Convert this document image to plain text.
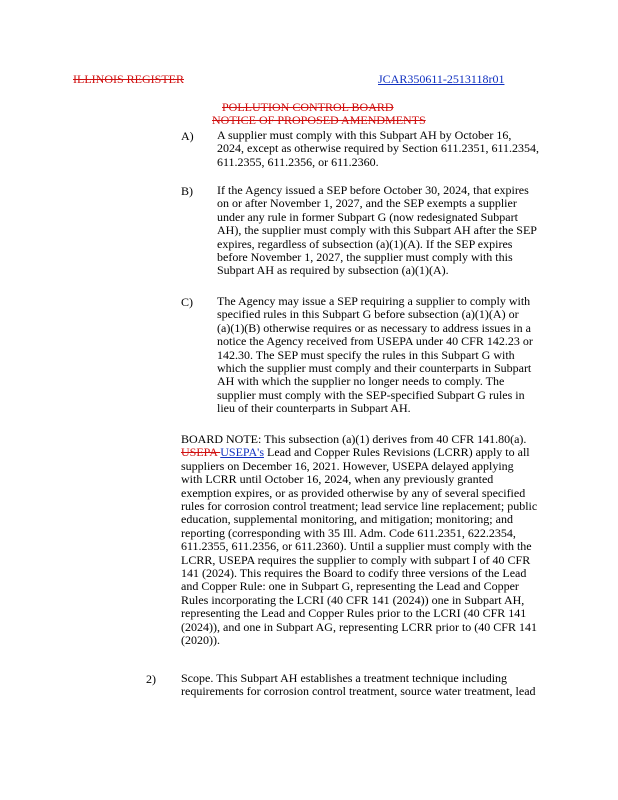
ILLINOIS REGISTER	JCAR350611-2513118r01
POLLUTION CONTROL BOARD
NOTICE OF PROPOSED AMENDMENTS
A) A supplier must comply with this Subpart AH by October 16,
2024, except as otherwise required by Section 611.2351, 611.2354,
611.2355, 611.2356, or 611.2360.
B) If the Agency issued a SEP before October 30, 2024, that expires
on or after November 1, 2027, and the SEP exempts a supplier
under any rule in former Subpart G (now redesignated Subpart
AH), the supplier must comply with this Subpart AH after the SEP
expires, regardless of subsection (a)(1)(A). If the SEP expires
before November 1, 2027, the supplier must comply with this
Subpart AH as required by subsection (a)(1)(A).
C) The Agency may issue a SEP requiring a supplier to comply with
specified rules in this Subpart G before subsection (a)(1)(A) or
(a)(1)(B) otherwise requires or as necessary to address issues in a
notice the Agency received from USEPA under 40 CFR 142.23 or
142.30. The SEP must specify the rules in this Subpart G with
which the supplier must comply and their counterparts in Subpart
AH with which the supplier no longer needs to comply. The
supplier must comply with the SEP-specified Subpart G rules in
lieu of their counterparts in Subpart AH.
BOARD NOTE: This subsection (a)(1) derives from 40 CFR 141.80(a).
USEPA USEPA's Lead and Copper Rules Revisions (LCRR) apply to all
suppliers on December 16, 2021. However, USEPA delayed applying
with LCRR until October 16, 2024, when any previously granted
exemption expires, or as provided otherwise by any of several specified
rules for corrosion control treatment; lead service line replacement; public
education, supplemental monitoring, and mitigation; monitoring; and
reporting (corresponding with 35 Ill. Adm. Code 611.2351, 622.2354,
611.2355, 611.2356, or 611.2360). Until a supplier must comply with the
LCRR, USEPA requires the supplier to comply with subpart I of 40 CFR
141 (2024). This requires the Board to codify three versions of the Lead
and Copper Rule: one in Subpart G, representing the Lead and Copper
Rules incorporating the LCRI (40 CFR 141 (2024)) one in Subpart AH,
representing the Lead and Copper Rules prior to the LCRI (40 CFR 141
(2024)), and one in Subpart AG, representing LCRR prior to (40 CFR 141
(2020)).
2) Scope. This Subpart AH establishes a treatment technique including
requirements for corrosion control treatment, source water treatment, lead
